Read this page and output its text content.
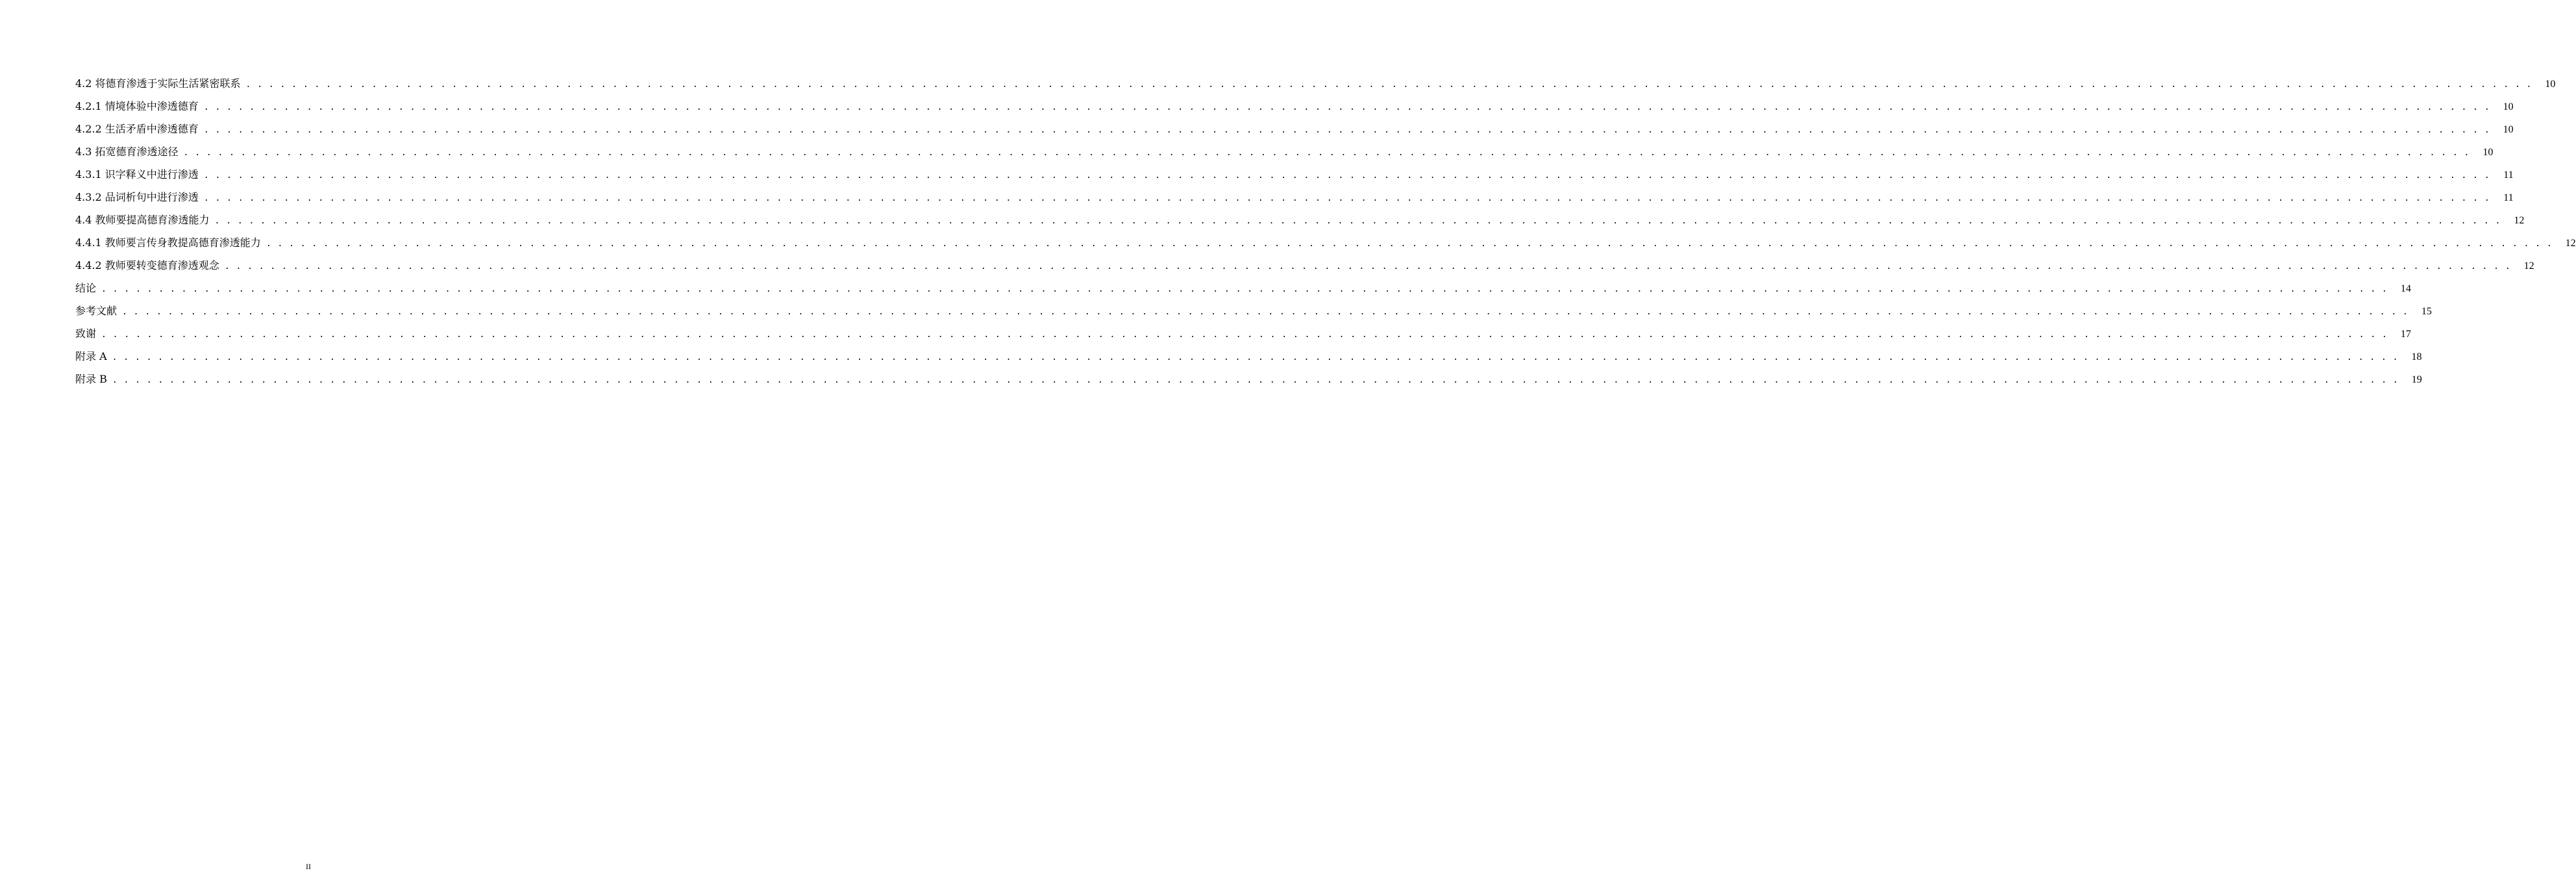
4.2 将德育渗透于实际生活紧密联系 . . . . . . . . . . . . . . . . . . . . . . . . . . . . . . . . . . . . . . . . . . . . . . . . . . . . . . . . . . . . . . . . . . . . . . . . . . . . . . . . . . . . . . . . . . . . . . . . . . . . . . . . . . . . . . . . . . . . . . . . . . . . . . . . . . . . . . . . . . . . . . . . . . . . . . . . . . . . . . . . . . . . . . . . . . . . . . . . . . . . . . . . . . . . . . . . . . . . . . . .	10
4.2.1 情境体验中渗透德育 . . . . . . . . . . . . . . . . . . . . . . . . . . . . . . . . . . . . . . . . . . . . . . . . . . . . . . . . . . . . . . . . . . . . . . . . . . . . . . . . . . . . . . . . . . . . . . . . . . . . . . . . . . . . . . . . . . . . . . . . . . . . . . . . . . . . . . . . . . . . . . . . . . . . . . . . . . . . . . . . . . . . . . . . . . . . . . . . . . . . . . . . . . . . . . . . . . . . . . . .	10
4.2.2 生活矛盾中渗透德育 . . . . . . . . . . . . . . . . . . . . . . . . . . . . . . . . . . . . . . . . . . . . . . . . . . . . . . . . . . . . . . . . . . . . . . . . . . . . . . . . . . . . . . . . . . . . . . . . . . . . . . . . . . . . . . . . . . . . . . . . . . . . . . . . . . . . . . . . . . . . . . . . . . . . . . . . . . . . . . . . . . . . . . . . . . . . . . . . . . . . . . . . . . . . . . . . . . . . . . . .	10
4.3 拓宽德育渗透途径 . . . . . . . . . . . . . . . . . . . . . . . . . . . . . . . . . . . . . . . . . . . . . . . . . . . . . . . . . . . . . . . . . . . . . . . . . . . . . . . . . . . . . . . . . . . . . . . . . . . . . . . . . . . . . . . . . . . . . . . . . . . . . . . . . . . . . . . . . . . . . . . . . . . . . . . . . . . . . . . . . . . . . . . . . . . . . . . . . . . . . . . . . . . . . . . . . . . . . . . .	10
4.3.1 识字释义中进行渗透 . . . . . . . . . . . . . . . . . . . . . . . . . . . . . . . . . . . . . . . . . . . . . . . . . . . . . . . . . . . . . . . . . . . . . . . . . . . . . . . . . . . . . . . . . . . . . . . . . . . . . . . . . . . . . . . . . . . . . . . . . . . . . . . . . . . . . . . . . . . . . . . . . . . . . . . . . . . . . . . . . . . . . . . . . . . . . . . . . . . . . . . . . . . . . . . . . . . . . . . .	11
4.3.2 品词析句中进行渗透 . . . . . . . . . . . . . . . . . . . . . . . . . . . . . . . . . . . . . . . . . . . . . . . . . . . . . . . . . . . . . . . . . . . . . . . . . . . . . . . . . . . . . . . . . . . . . . . . . . . . . . . . . . . . . . . . . . . . . . . . . . . . . . . . . . . . . . . . . . . . . . . . . . . . . . . . . . . . . . . . . . . . . . . . . . . . . . . . . . . . . . . . . . . . . . . . . . . . . . . .	11
4.4 教师要提高德育渗透能力 . . . . . . . . . . . . . . . . . . . . . . . . . . . . . . . . . . . . . . . . . . . . . . . . . . . . . . . . . . . . . . . . . . . . . . . . . . . . . . . . . . . . . . . . . . . . . . . . . . . . . . . . . . . . . . . . . . . . . . . . . . . . . . . . . . . . . . . . . . . . . . . . . . . . . . . . . . . . . . . . . . . . . . . . . . . . . . . . . . . . . . . . . . . . . . . . . . . . . . . .	12
4.4.1 教师要言传身教提高德育渗透能力 . . . . . . . . . . . . . . . . . . . . . . . . . . . . . . . . . . . . . . . . . . . . . . . . . . . . . . . . . . . . . . . . . . . . . . . . . . . . . . . . . . . . . . . . . . . . . . . . . . . . . . . . . . . . . . . . . . . . . . . . . . . . . . . . . . . . . . . . . . . . . . . . . . . . . . . . . . . . . . . . . . . . . . . . . . . . . . . . . . . . . . . . . . . . . . . . . . . . . . . .	12
4.4.2 教师要转变德育渗透观念 . . . . . . . . . . . . . . . . . . . . . . . . . . . . . . . . . . . . . . . . . . . . . . . . . . . . . . . . . . . . . . . . . . . . . . . . . . . . . . . . . . . . . . . . . . . . . . . . . . . . . . . . . . . . . . . . . . . . . . . . . . . . . . . . . . . . . . . . . . . . . . . . . . . . . . . . . . . . . . . . . . . . . . . . . . . . . . . . . . . . . . . . . . . . . . . . . . . . . . . .	12
结论 . . . . . . . . . . . . . . . . . . . . . . . . . . . . . . . . . . . . . . . . . . . . . . . . . . . . . . . . . . . . . . . . . . . . . . . . . . . . . . . . . . . . . . . . . . . . . . . . . . . . . . . . . . . . . . . . . . . . . . . . . . . . . . . . . . . . . . . . . . . . . . . . . . . . . . . . . . . . . . . . . . . . . . . . . . . . . . . . . . . . . . . . . . . . . . . . . . . . . . . .	14
参考文献 . . . . . . . . . . . . . . . . . . . . . . . . . . . . . . . . . . . . . . . . . . . . . . . . . . . . . . . . . . . . . . . . . . . . . . . . . . . . . . . . . . . . . . . . . . . . . . . . . . . . . . . . . . . . . . . . . . . . . . . . . . . . . . . . . . . . . . . . . . . . . . . . . . . . . . . . . . . . . . . . . . . . . . . . . . . . . . . . . . . . . . . . . . . . . . . . . . . . . . . .	15
致谢 . . . . . . . . . . . . . . . . . . . . . . . . . . . . . . . . . . . . . . . . . . . . . . . . . . . . . . . . . . . . . . . . . . . . . . . . . . . . . . . . . . . . . . . . . . . . . . . . . . . . . . . . . . . . . . . . . . . . . . . . . . . . . . . . . . . . . . . . . . . . . . . . . . . . . . . . . . . . . . . . . . . . . . . . . . . . . . . . . . . . . . . . . . . . . . . . . . . . . . . .	17
附录 A . . . . . . . . . . . . . . . . . . . . . . . . . . . . . . . . . . . . . . . . . . . . . . . . . . . . . . . . . . . . . . . . . . . . . . . . . . . . . . . . . . . . . . . . . . . . . . . . . . . . . . . . . . . . . . . . . . . . . . . . . . . . . . . . . . . . . . . . . . . . . . . . . . . . . . . . . . . . . . . . . . . . . . . . . . . . . . . . . . . . . . . . . . . . . . . . . . . . . . . .	18
附录 B . . . . . . . . . . . . . . . . . . . . . . . . . . . . . . . . . . . . . . . . . . . . . . . . . . . . . . . . . . . . . . . . . . . . . . . . . . . . . . . . . . . . . . . . . . . . . . . . . . . . . . . . . . . . . . . . . . . . . . . . . . . . . . . . . . . . . . . . . . . . . . . . . . . . . . . . . . . . . . . . . . . . . . . . . . . . . . . . . . . . . . . . . . . . . . . . . . . . . . . .	19
II
